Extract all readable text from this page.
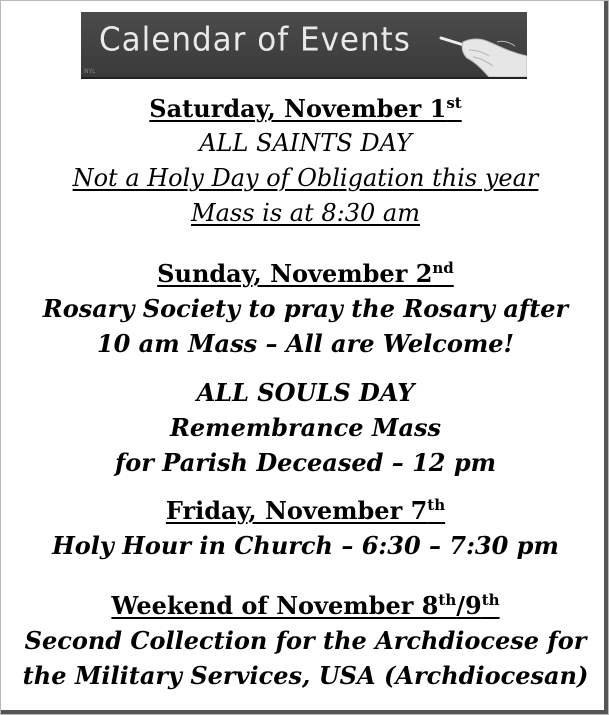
Calendar of Events
NYL

Saturday, November 1st

ALL SAINTS DAY

Not a Holy Day of Obligation this year

Mass is at 8:30 am

Sunday, November 2nd

Rosary Society to pray the Rosary after

10 am Mass – All are Welcome!

ALL SOULS DAY

Remembrance Mass

for Parish Deceased – 12 pm

Friday, November 7th

Holy Hour in Church – 6:30 – 7:30 pm

Weekend of November 8th/9th

Second Collection for the Archdiocese for

the Military Services, USA (Archdiocesan)
